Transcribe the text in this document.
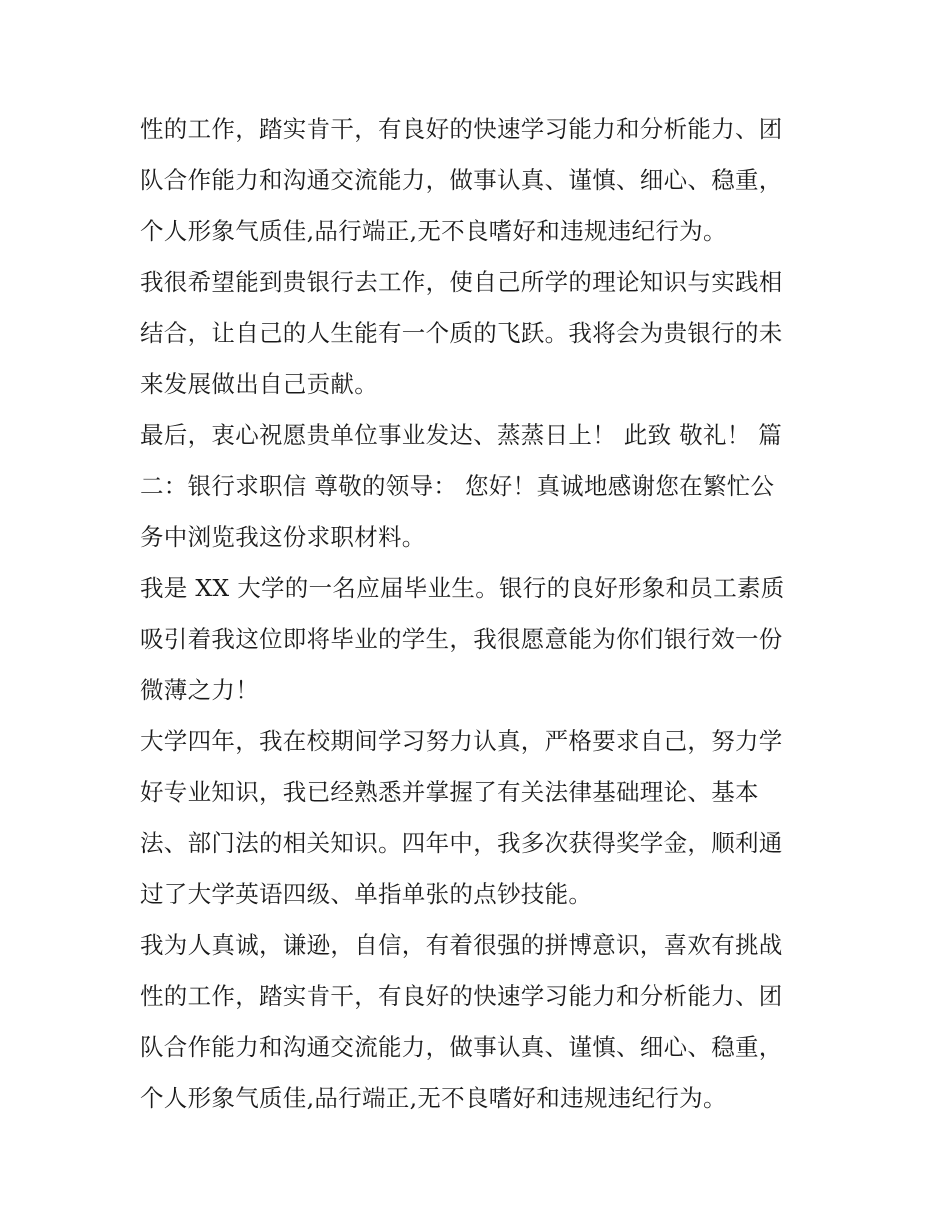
性的工作，踏实肯干，有良好的快速学习能力和分析能力、团
队合作能力和沟通交流能力，做事认真、谨慎、细心、稳重，
个人形象气质佳,品行端正,无不良嗜好和违规违纪行为。
我很希望能到贵银行去工作，使自己所学的理论知识与实践相
结合，让自己的人生能有一个质的飞跃。我将会为贵银行的未
来发展做出自己贡献。
最后，衷心祝愿贵单位事业发达、蒸蒸日上！ 此致 敬礼！ 篇
二：银行求职信 尊敬的领导： 您好！真诚地感谢您在繁忙公
务中浏览我这份求职材料。
我是 XX 大学的一名应届毕业生。银行的良好形象和员工素质
吸引着我这位即将毕业的学生，我很愿意能为你们银行效一份
微薄之力！
大学四年，我在校期间学习努力认真，严格要求自己，努力学
好专业知识，我已经熟悉并掌握了有关法律基础理论、基本
法、部门法的相关知识。四年中，我多次获得奖学金，顺利通
过了大学英语四级、单指单张的点钞技能。
我为人真诚，谦逊，自信，有着很强的拼博意识，喜欢有挑战
性的工作，踏实肯干，有良好的快速学习能力和分析能力、团
队合作能力和沟通交流能力，做事认真、谨慎、细心、稳重，
个人形象气质佳,品行端正,无不良嗜好和违规违纪行为。
